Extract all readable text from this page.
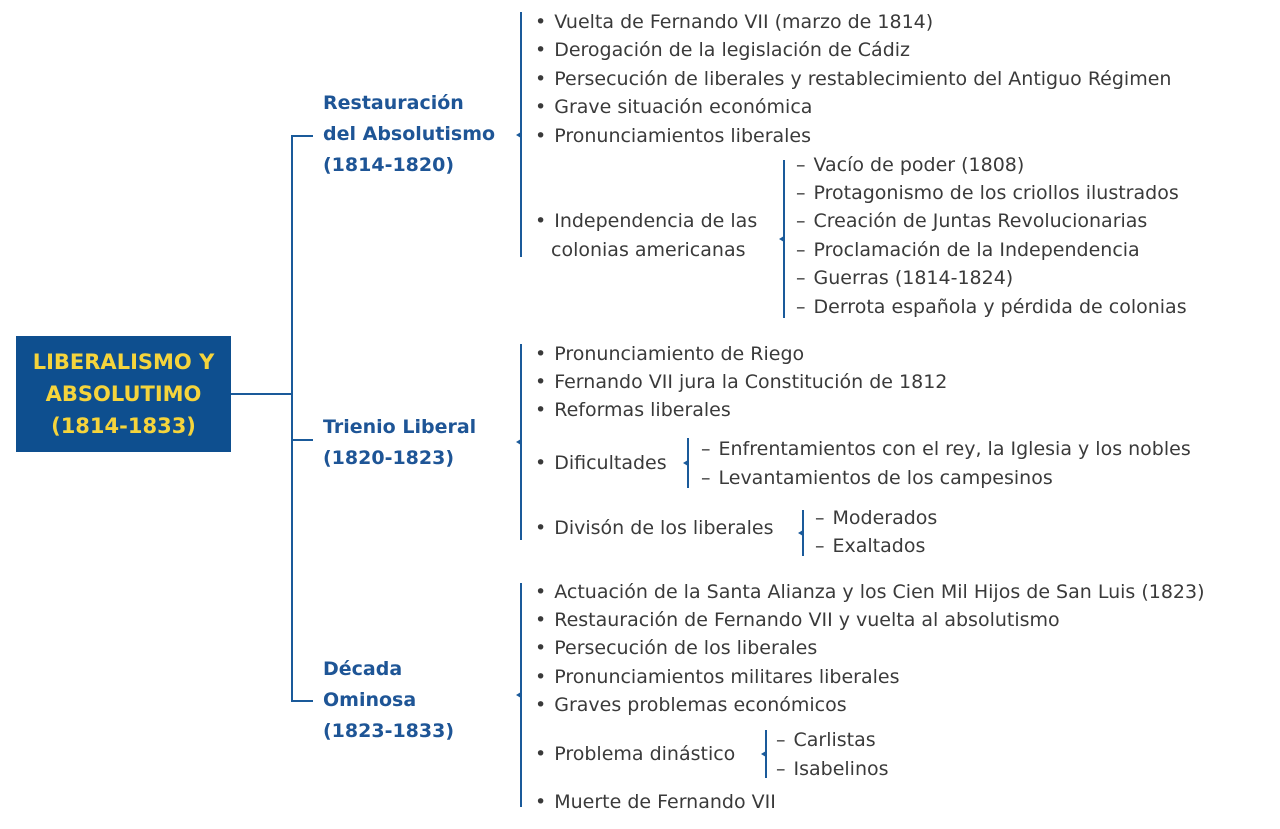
LIBERALISMO Y
ABSOLUTIMO
(1814-1833)
Restauración
del Absolutismo
(1814-1820)
• Vuelta de Fernando VII (marzo de 1814)
• Derogación de la legislación de Cádiz
• Persecución de liberales y restablecimiento del Antiguo Régimen
• Grave situación económica
• Pronunciamientos liberales
• Independencia de las
colonias americanas
– Vacío de poder (1808)
– Protagonismo de los criollos ilustrados
– Creación de Juntas Revolucionarias
– Proclamación de la Independencia
– Guerras (1814-1824)
– Derrota española y pérdida de colonias
Trienio Liberal
(1820-1823)
• Pronunciamiento de Riego
• Fernando VII jura la Constitución de 1812
• Reformas liberales
• Dificultades
– Enfrentamientos con el rey, la Iglesia y los nobles
– Levantamientos de los campesinos
• Divisón de los liberales
–	Moderados
– Exaltados
Década
Ominosa
(1823-1833)
• Actuación de la Santa Alianza y los Cien Mil Hijos de San Luis (1823)
• Restauración de Fernando VII y vuelta al absolutismo
• Persecución de los liberales
• Pronunciamientos militares liberales
• Graves problemas económicos
• Problema dinástico
– Carlistas
– Isabelinos
• Muerte de Fernando VII
